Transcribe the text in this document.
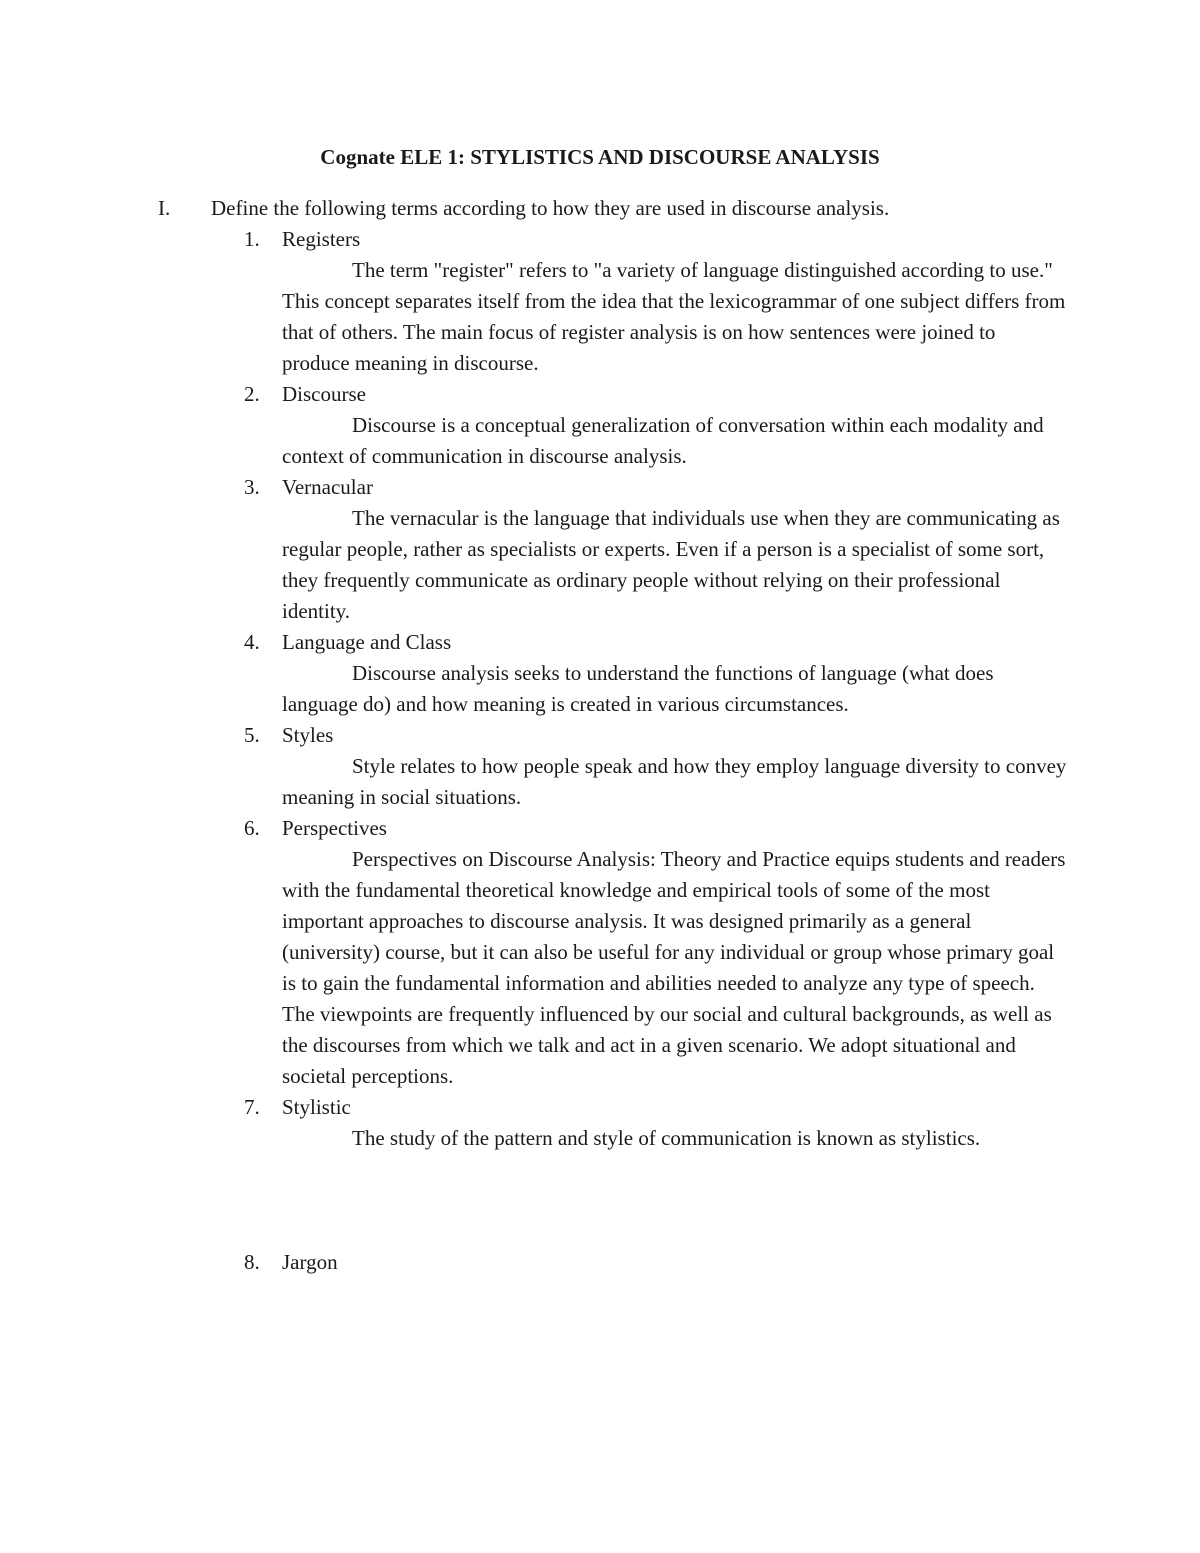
Cognate ELE 1: STYLISTICS AND DISCOURSE ANALYSIS
I. Define the following terms according to how they are used in discourse analysis.
1.	Registers
The term "register" refers to "a variety of language distinguished according to use." This concept separates itself from the idea that the lexicogrammar of one subject differs from that of others. The main focus of register analysis is on how sentences were joined to produce meaning in discourse.
2.	Discourse
Discourse is a conceptual generalization of conversation within each modality and context of communication in discourse analysis.
3.	Vernacular
The vernacular is the language that individuals use when they are communicating as regular people, rather as specialists or experts. Even if a person is a specialist of some sort, they frequently communicate as ordinary people without relying on their professional identity.
4.	Language and Class
Discourse analysis seeks to understand the functions of language (what does language do) and how meaning is created in various circumstances.
5.	Styles
Style relates to how people speak and how they employ language diversity to convey meaning in social situations.
6.	Perspectives
Perspectives on Discourse Analysis: Theory and Practice equips students and readers with the fundamental theoretical knowledge and empirical tools of some of the most important approaches to discourse analysis. It was designed primarily as a general (university) course, but it can also be useful for any individual or group whose primary goal is to gain the fundamental information and abilities needed to analyze any type of speech. The viewpoints are frequently influenced by our social and cultural backgrounds, as well as the discourses from which we talk and act in a given scenario. We adopt situational and societal perceptions.
7.	Stylistic
The study of the pattern and style of communication is known as stylistics.
8.	Jargon
